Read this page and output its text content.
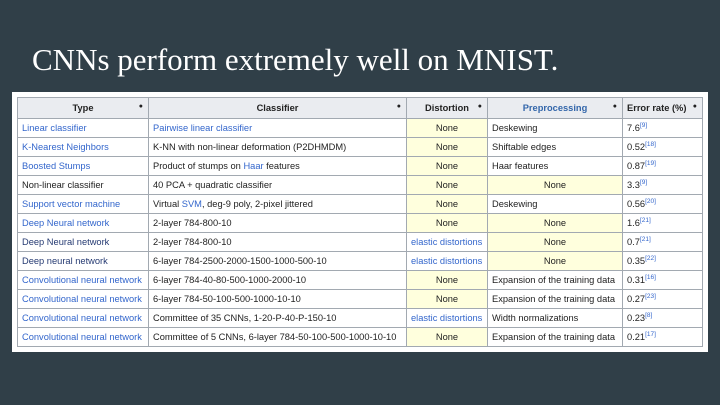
CNNs perform extremely well on MNIST.
Type ●	Classifier ●	Distortion ●	Preprocessing ●	Error rate (%) ●

Linear classifier	Pairwise linear classifier	None	Deskewing	7.6[9]
K-Nearest Neighbors	K-NN with non-linear deformation (P2DHMDM)	None	Shiftable edges	0.52[18]
Boosted Stumps	Product of stumps on Haar features	None	Haar features	0.87[19]
Non-linear classifier	40 PCA + quadratic classifier	None	None	3.3[9]
Support vector machine	Virtual SVM, deg-9 poly, 2-pixel jittered	None	Deskewing	0.56[20]
Deep Neural network	2-layer 784-800-10	None	None	1.6[21]
Deep Neural network	2-layer 784-800-10	elastic distortions	None	0.7[21]
Deep neural network	6-layer 784-2500-2000-1500-1000-500-10	elastic distortions	None	0.35[22]
Convolutional neural network	6-layer 784-40-80-500-1000-2000-10	None	Expansion of the training data	0.31[16]
Convolutional neural network	6-layer 784-50-100-500-1000-10-10	None	Expansion of the training data	0.27[23]
Convolutional neural network	Committee of 35 CNNs, 1-20-P-40-P-150-10	elastic distortions	Width normalizations	0.23[8]
Convolutional neural network	Committee of 5 CNNs, 6-layer 784-50-100-500-1000-10-10	None	Expansion of the training data	0.21[17]
